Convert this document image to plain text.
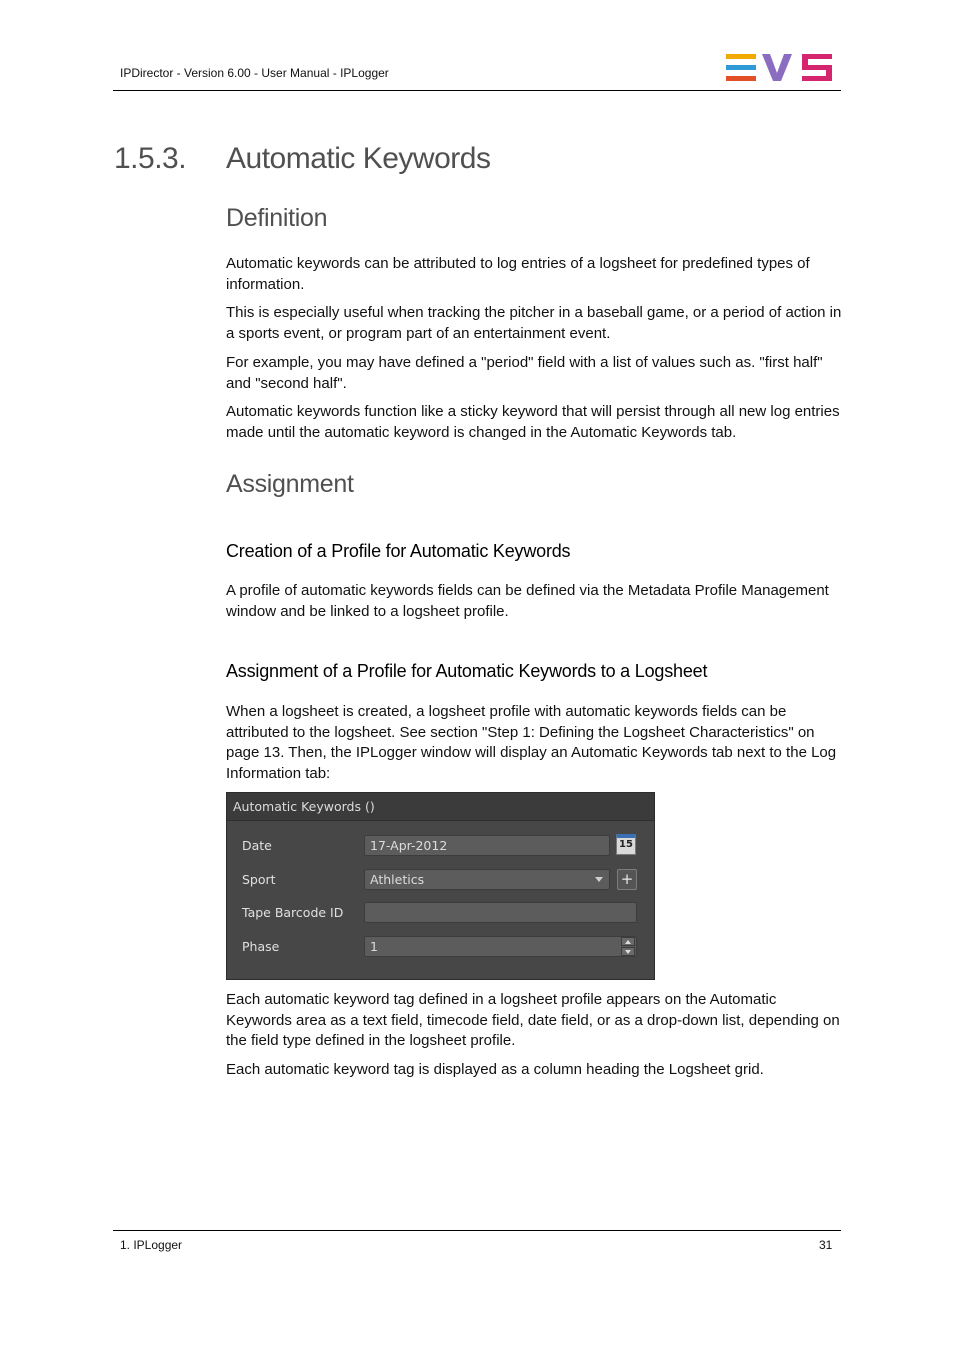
IPDirector - Version 6.00 - User Manual - IPLogger
1.5.3. Automatic Keywords
Definition

Automatic keywords can be attributed to log entries of a logsheet for predefined types of information.

This is especially useful when tracking the pitcher in a baseball game, or a period of action in a sports event, or program part of an entertainment event.

For example, you may have defined a "period" field with a list of values such as. "first half" and "second half".

Automatic keywords function like a sticky keyword that will persist through all new log entries made until the automatic keyword is changed in the Automatic Keywords tab.

Assignment
Creation of a Profile for Automatic Keywords

A profile of automatic keywords fields can be defined via the Metadata Profile Management window and be linked to a logsheet profile.

Assignment of a Profile for Automatic Keywords to a Logsheet

When a logsheet is created, a logsheet profile with automatic keywords fields can be attributed to the logsheet. See section "Step 1: Defining the Logsheet Characteristics" on page 13. Then, the IPLogger window will display an Automatic Keywords tab next to the Log Information tab:

Automatic Keywords ()
Date	17-Apr-2012	15
Sport	Athletics	+
Tape Barcode ID
Phase	1

Each automatic keyword tag defined in a logsheet profile appears on the Automatic Keywords area as a text field, timecode field, date field, or as a drop-down list, depending on the field type defined in the logsheet profile.

Each automatic keyword tag is displayed as a column heading the Logsheet grid.

1. IPLogger	31
